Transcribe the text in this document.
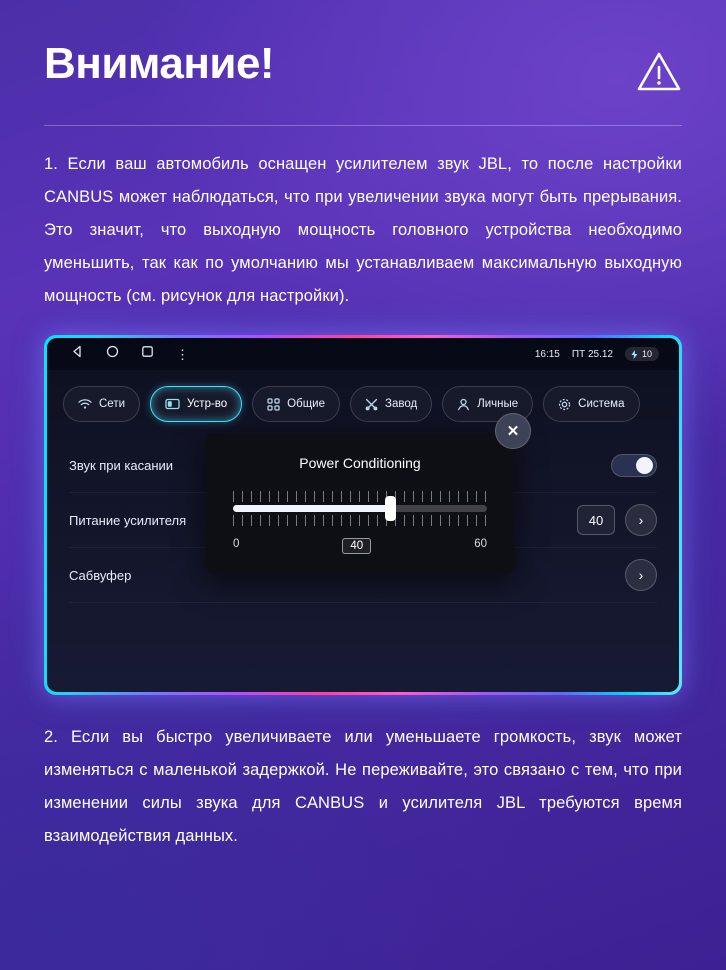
Внимание!
1. Если ваш автомобиль оснащен усилителем звук JBL, то после настройки CANBUS может наблюдаться, что при увеличении звука могут быть прерывания. Это значит, что выходную мощность головного устройства необходимо уменьшить, так как по умолчанию мы устанавливаем максимальную выходную мощность (см. рисунок для настройки).
⋮	16:15 ПТ 25.12	10
Сети	Устр-во	Общие	Завод	Личные	Система
Звук при касании
Питание усилителя	40	›
Сабвуфер	›
✕
Power Conditioning
0	40	60
2. Если вы быстро увеличиваете или уменьшаете громкость, звук может изменяться с маленькой задержкой. Не переживайте, это связано с тем, что при изменении силы звука для CANBUS и усилителя JBL требуются время взаимодействия данных.
